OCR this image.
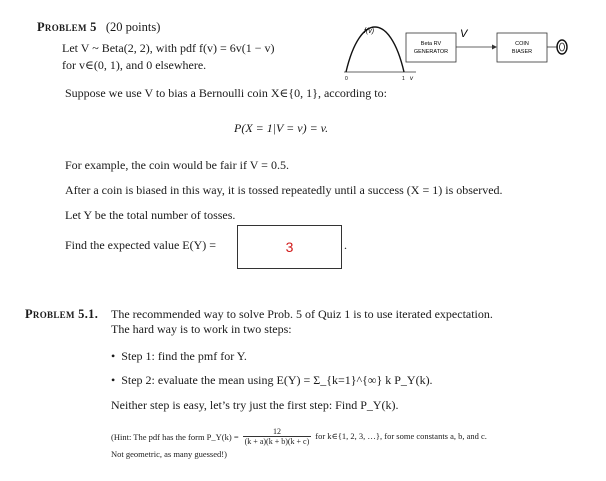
Problem 5 (20 points)
Let V ~ Beta(2, 2), with pdf f(v) = 6v(1 − v)
for v∈(0, 1), and 0 elsewhere.
Suppose we use V to bias a Bernoulli coin X∈{0, 1}, according to:
P(X = 1|V = v) = v.
For example, the coin would be fair if V = 0.5.
After a coin is biased in this way, it is tossed repeatedly until a success (X = 1) is observed.
Let Y be the total number of tosses.
Find the expected value E(Y) =	3	.
f(v)
0	1 v
Beta RV
GENERATOR
V
COIN
BIASER
Problem 5.1. The recommended way to solve Prob. 5 of Quiz 1 is to use iterated expectation.
The hard way is to work in two steps:
• Step 1: find the pmf for Y.
• Step 2: evaluate the mean using E(Y) = Σ_{k=1}^{∞} k P_Y(k).
Neither step is easy, let’s try just the first step: Find P_Y(k).
(Hint: The pdf has the form P_Y(k) = $\frac{12}{(k + a)(k + b)(k + c)}$ for k∈{1, 2, 3, …}, for some constants a, b, and c.
Not geometric, as many guessed!)
